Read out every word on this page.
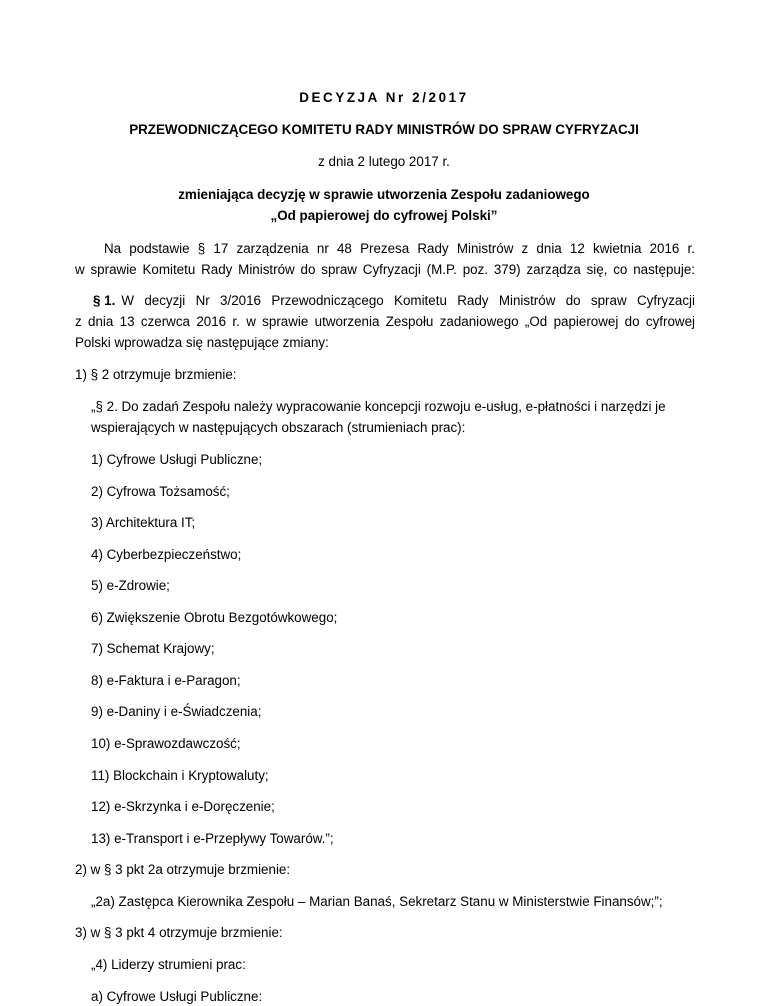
DECYZJA Nr 2/2017
PRZEWODNICZĄCEGO KOMITETU RADY MINISTRÓW DO SPRAW CYFRYZACJI
z dnia 2 lutego 2017 r.
zmieniająca decyzję w sprawie utworzenia Zespołu zadaniowego
„Od papierowej do cyfrowej Polski”
Na podstawie § 17 zarządzenia nr 48 Prezesa Rady Ministrów z dnia 12 kwietnia 2016 r.
w sprawie Komitetu Rady Ministrów do spraw Cyfryzacji (M.P. poz. 379) zarządza się, co następuje:
§ 1. W decyzji Nr 3/2016 Przewodniczącego Komitetu Rady Ministrów do spraw Cyfryzacji
z dnia 13 czerwca 2016 r. w sprawie utworzenia Zespołu zadaniowego „Od papierowej do cyfrowej
Polski wprowadza się następujące zmiany:
1) § 2 otrzymuje brzmienie:
„§ 2. Do zadań Zespołu należy wypracowanie koncepcji rozwoju e-usług, e-płatności i narzędzi je
wspierających w następujących obszarach (strumieniach prac):
1) Cyfrowe Usługi Publiczne;
2) Cyfrowa Tożsamość;
3) Architektura IT;
4) Cyberbezpieczeństwo;
5) e-Zdrowie;
6) Zwiększenie Obrotu Bezgotówkowego;
7) Schemat Krajowy;
8) e-Faktura i e-Paragon;
9) e-Daniny i e-Świadczenia;
10) e-Sprawozdawczość;
11) Blockchain i Kryptowaluty;
12) e-Skrzynka i e-Doręczenie;
13) e-Transport i e-Przepływy Towarów.”;
2) w § 3 pkt 2a otrzymuje brzmienie:
„2a) Zastępca Kierownika Zespołu – Marian Banaś, Sekretarz Stanu w Ministerstwie Finansów;”;
3) w § 3 pkt 4 otrzymuje brzmienie:
„4) Liderzy strumieni prac:
a) Cyfrowe Usługi Publiczne:
